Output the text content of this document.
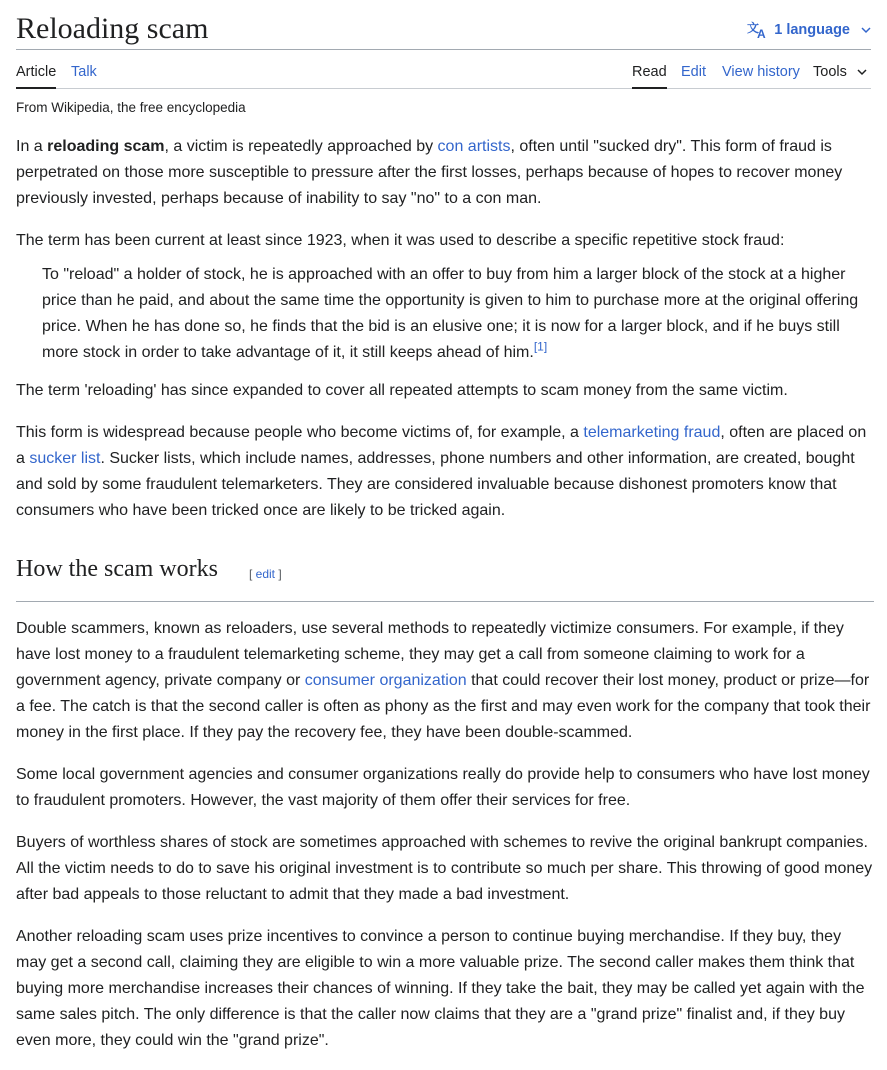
Reloading scam	文
A 1 language
Article Talk	Read Edit View history Tools
From Wikipedia, the free encyclopedia

In a reloading scam, a victim is repeatedly approached by con artists, often until "sucked dry". This form of fraud is perpetrated on those more susceptible to pressure after the first losses, perhaps because of hopes to recover money previously invested, perhaps because of inability to say "no" to a con man.

The term has been current at least since 1923, when it was used to describe a specific repetitive stock fraud:

To "reload" a holder of stock, he is approached with an offer to buy from him a larger block of the stock at a higher price than he paid, and about the same time the opportunity is given to him to purchase more at the original offering price. When he has done so, he finds that the bid is an elusive one; it is now for a larger block, and if he buys still more stock in order to take advantage of it, it still keeps ahead of him.[1]

The term 'reloading' has since expanded to cover all repeated attempts to scam money from the same victim.

This form is widespread because people who become victims of, for example, a telemarketing fraud, often are placed on a sucker list. Sucker lists, which include names, addresses, phone numbers and other information, are created, bought and sold by some fraudulent telemarketers. They are considered invaluable because dishonest promoters know that consumers who have been tricked once are likely to be tricked again.

How the scam works	[ edit ]

Double scammers, known as reloaders, use several methods to repeatedly victimize consumers. For example, if they have lost money to a fraudulent telemarketing scheme, they may get a call from someone claiming to work for a government agency, private company or consumer organization that could recover their lost money, product or prize—for a fee. The catch is that the second caller is often as phony as the first and may even work for the company that took their money in the first place. If they pay the recovery fee, they have been double-scammed.

Some local government agencies and consumer organizations really do provide help to consumers who have lost money to fraudulent promoters. However, the vast majority of them offer their services for free.

Buyers of worthless shares of stock are sometimes approached with schemes to revive the original bankrupt companies. All the victim needs to do to save his original investment is to contribute so much per share. This throwing of good money after bad appeals to those reluctant to admit that they made a bad investment.

Another reloading scam uses prize incentives to convince a person to continue buying merchandise. If they buy, they may get a second call, claiming they are eligible to win a more valuable prize. The second caller makes them think that buying more merchandise increases their chances of winning. If they take the bait, they may be called yet again with the same sales pitch. The only difference is that the caller now claims that they are a "grand prize" finalist and, if they buy even more, they could win the "grand prize".
